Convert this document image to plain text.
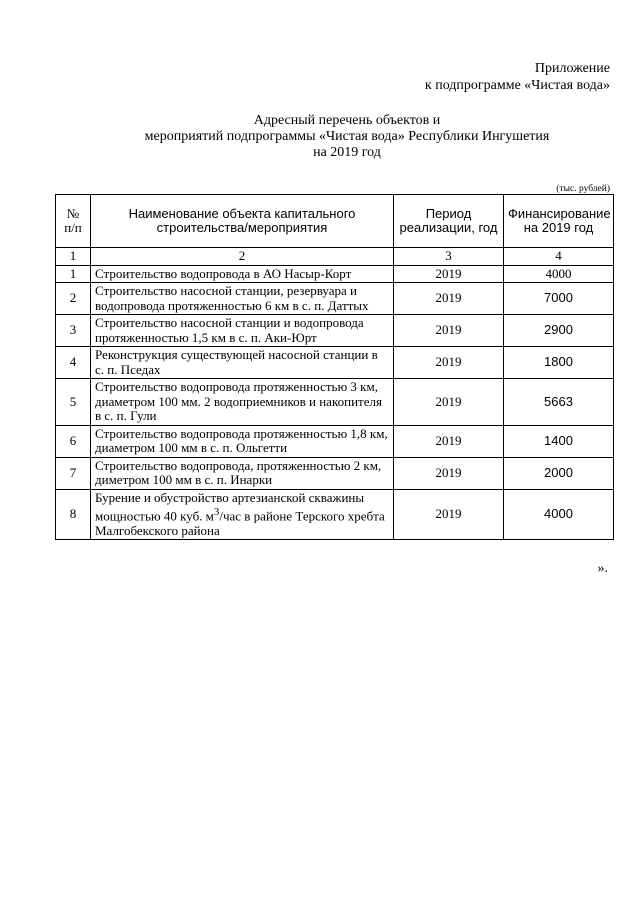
Приложение
к подпрограмме «Чистая вода»
Адресный перечень объектов и
мероприятий подпрограммы «Чистая вода» Республики Ингушетия
на 2019 год
(тыс. рублей)
№ п/п	Наименование объекта капитального строительства/мероприятия	Период реализации, год	Финансирование на 2019 год
1	2	3	4
1	Строительство водопровода в АО Насыр-Корт	2019	4000
2	Строительство насосной станции, резервуара и водопровода протяженностью 6 км в с. п. Даттых	2019	7000
3	Строительство насосной станции и водопровода протяженностью 1,5 км в с. п. Аки-Юрт	2019	2900
4	Реконструкция существующей насосной станции в с. п. Пседах	2019	1800
5	Строительство водопровода протяженностью 3 км, диаметром 100 мм. 2 водоприемников и накопителя в с. п. Гули	2019	5663
6	Строительство водопровода протяженностью 1,8 км, диаметром 100 мм в с. п. Ольгетти	2019	1400
7	Строительство водопровода, протяженностью 2 км, диметром 100 мм в с. п. Инарки	2019	2000
8	Бурение и обустройство артезианской скважины мощностью 40 куб. $м^3$/час в районе Терского хребта Малгобекского района	2019	4000
».
